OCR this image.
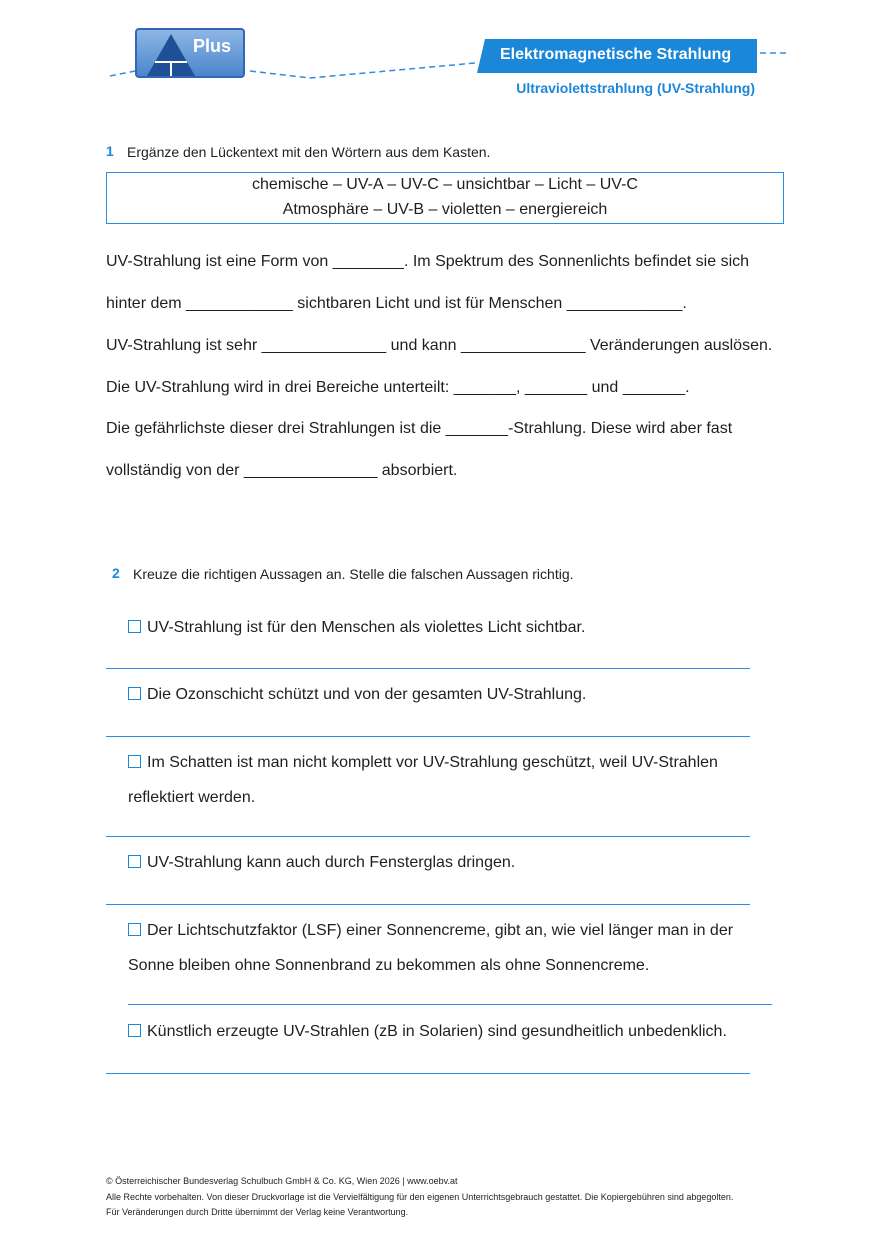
Plus	Elektromagnetische Strahlung
Ultraviolettstrahlung (UV-Strahlung)
1 Ergänze den Lückentext mit den Wörtern aus dem Kasten.
chemische – UV-A – UV-C – unsichtbar – Licht – UV-C
Atmosphäre – UV-B – violetten – energiereich
UV-Strahlung ist eine Form von ________. Im Spektrum des Sonnenlichts befindet sie sich
hinter dem ____________ sichtbaren Licht und ist für Menschen _____________.
UV-Strahlung ist sehr ______________ und kann ______________ Veränderungen auslösen.
Die UV-Strahlung wird in drei Bereiche unterteilt: _______, _______ und _______.
Die gefährlichste dieser drei Strahlungen ist die _______-Strahlung. Diese wird aber fast
vollständig von der _______________ absorbiert.
2 Kreuze die richtigen Aussagen an. Stelle die falschen Aussagen richtig.
UV-Strahlung ist für den Menschen als violettes Licht sichtbar.
Die Ozonschicht schützt und von der gesamten UV-Strahlung.
Im Schatten ist man nicht komplett vor UV-Strahlung geschützt, weil UV-Strahlen
reflektiert werden.
UV-Strahlung kann auch durch Fensterglas dringen.
Der Lichtschutzfaktor (LSF) einer Sonnencreme, gibt an, wie viel länger man in der
Sonne bleiben ohne Sonnenbrand zu bekommen als ohne Sonnencreme.
Künstlich erzeugte UV-Strahlen (zB in Solarien) sind gesundheitlich unbedenklich.
© Österreichischer Bundesverlag Schulbuch GmbH & Co. KG, Wien 2026 | www.oebv.at
Alle Rechte vorbehalten. Von dieser Druckvorlage ist die Vervielfältigung für den eigenen Unterrichtsgebrauch gestattet. Die Kopiergebühren sind abgegolten.
Für Veränderungen durch Dritte übernimmt der Verlag keine Verantwortung.
